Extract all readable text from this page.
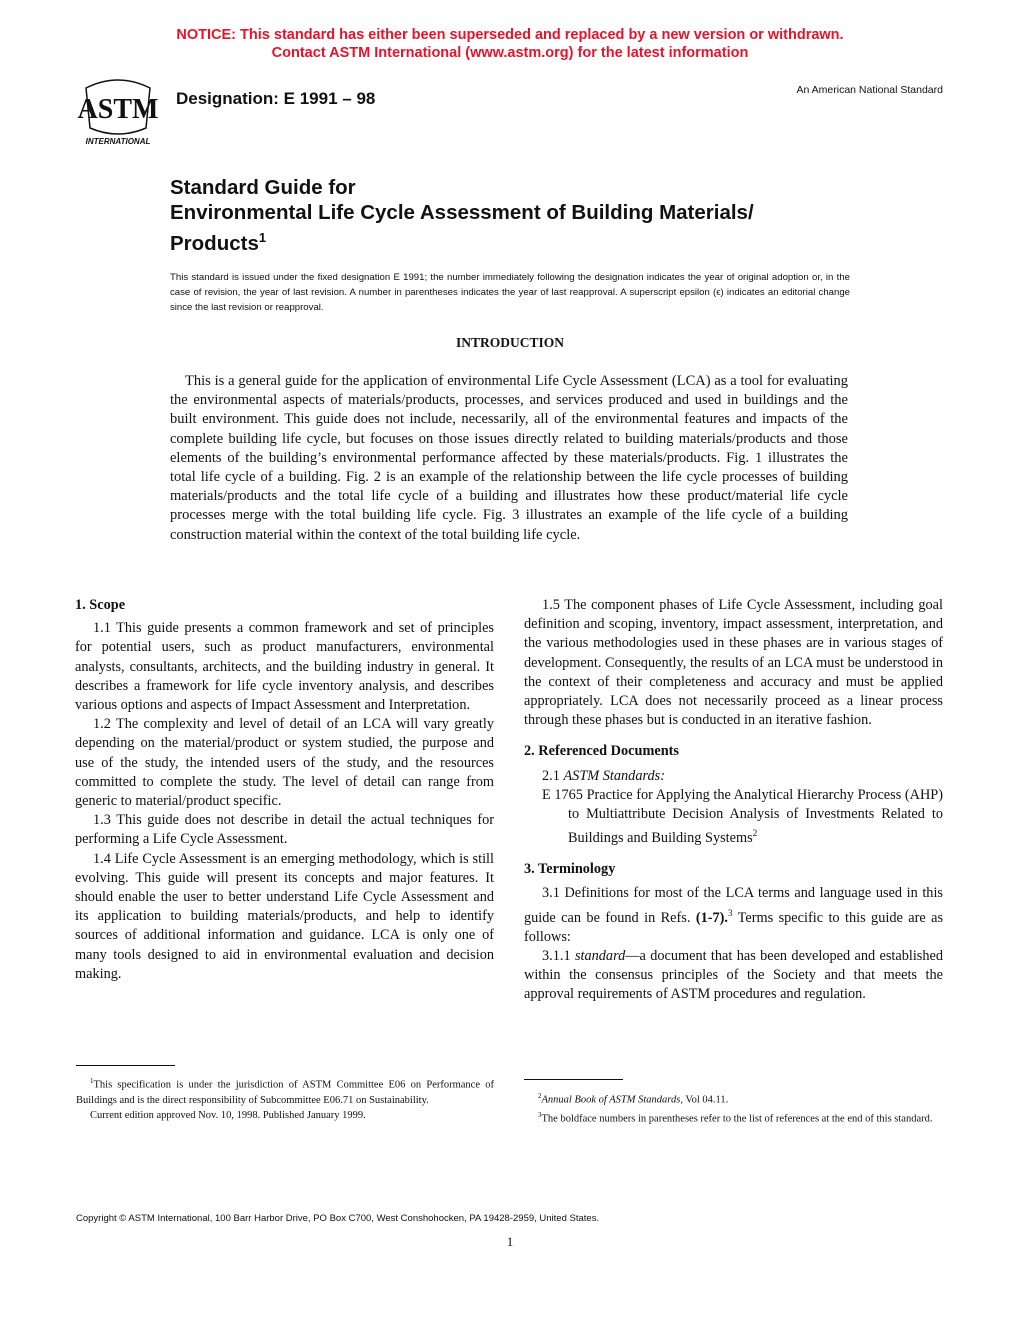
NOTICE: This standard has either been superseded and replaced by a new version or withdrawn.
Contact ASTM International (www.astm.org) for the latest information
ASTM
INTERNATIONAL
Designation: E 1991 – 98	An American National Standard
Standard Guide for
Environmental Life Cycle Assessment of Building Materials/
Products$^1$
This standard is issued under the fixed designation E 1991; the number immediately following the designation indicates the year of original adoption or, in the case of revision, the year of last revision. A number in parentheses indicates the year of last reapproval. A superscript epsilon (ϵ) indicates an editorial change since the last revision or reapproval.
INTRODUCTION

This is a general guide for the application of environmental Life Cycle Assessment (LCA) as a tool for evaluating the environmental aspects of materials/products, processes, and services produced and used in buildings and the built environment. This guide does not include, necessarily, all of the environmental features and impacts of the complete building life cycle, but focuses on those issues directly related to building materials/products and those elements of the building’s environmental performance affected by these materials/products. Fig. 1 illustrates the total life cycle of a building. Fig. 2 is an example of the relationship between the life cycle processes of building materials/products and the total life cycle of a building and illustrates how these product/material life cycle processes merge with the total building life cycle. Fig. 3 illustrates an example of the life cycle of a building construction material within the context of the total building life cycle.

1. Scope

1.1 This guide presents a common framework and set of principles for potential users, such as product manufacturers, environmental analysts, consultants, architects, and the building industry in general. It describes a framework for life cycle inventory analysis, and describes various options and aspects of Impact Assessment and Interpretation.

1.2 The complexity and level of detail of an LCA will vary greatly depending on the material/product or system studied, the purpose and use of the study, the intended users of the study, and the resources committed to complete the study. The level of detail can range from generic to material/product specific.

1.3 This guide does not describe in detail the actual techniques for performing a Life Cycle Assessment.

1.4 Life Cycle Assessment is an emerging methodology, which is still evolving. This guide will present its concepts and major features. It should enable the user to better understand Life Cycle Assessment and its application to building materials/products, and help to identify sources of additional information and guidance. LCA is only one of many tools designed to aid in environmental evaluation and decision making.

1.5 The component phases of Life Cycle Assessment, including goal definition and scoping, inventory, impact assessment, interpretation, and the various methodologies used in these phases are in various stages of development. Consequently, the results of an LCA must be understood in the context of their completeness and accuracy and must be applied appropriately. LCA does not necessarily proceed as a linear process through these phases but is conducted in an iterative fashion.

2. Referenced Documents

2.1 ASTM Standards:

E 1765 Practice for Applying the Analytical Hierarchy Process (AHP) to Multiattribute Decision Analysis of Investments Related to Buildings and Building Systems$^2$

3. Terminology

3.1 Definitions for most of the LCA terms and language used in this guide can be found in Refs. (1-7).$^3$ Terms specific to this guide are as follows:

3.1.1 standard—a document that has been developed and established within the consensus principles of the Society and that meets the approval requirements of ASTM procedures and regulation.

$^1$This specification is under the jurisdiction of ASTM Committee E06 on Performance of Buildings and is the direct responsibility of Subcommittee E06.71 on Sustainability.

Current edition approved Nov. 10, 1998. Published January 1999.

$^2$Annual Book of ASTM Standards, Vol 04.11.

$^3$The boldface numbers in parentheses refer to the list of references at the end of this standard.

Copyright © ASTM International, 100 Barr Harbor Drive, PO Box C700, West Conshohocken, PA 19428-2959, United States.
1
